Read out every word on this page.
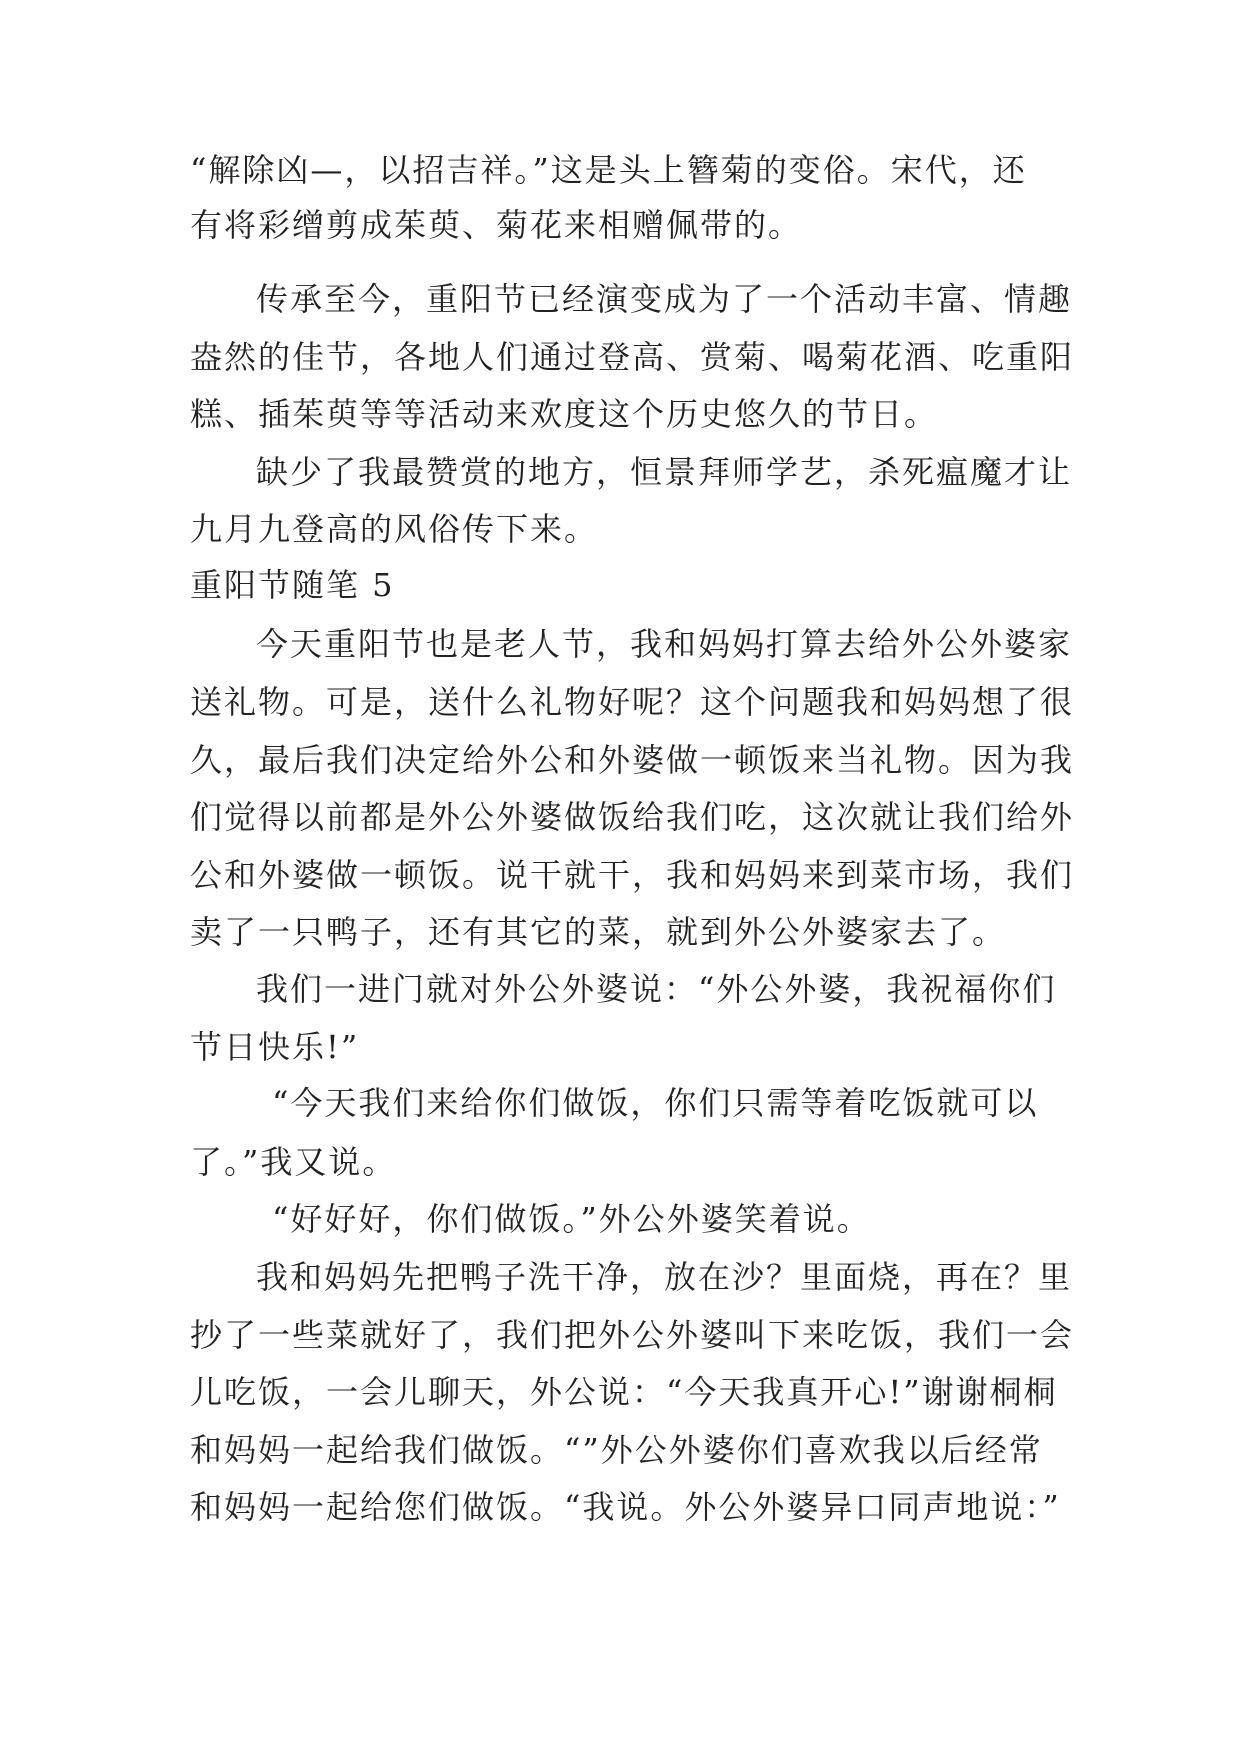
“解除凶—，以招吉祥。”这是头上簪菊的变俗。宋代，还
有将彩缯剪成茱萸、菊花来相赠佩带的。
传承至今，重阳节已经演变成为了一个活动丰富、情趣
盎然的佳节，各地人们通过登高、赏菊、喝菊花酒、吃重阳
糕、插茱萸等等活动来欢度这个历史悠久的节日。
缺少了我最赞赏的地方，恒景拜师学艺，杀死瘟魔才让
九月九登高的风俗传下来。
重阳节随笔 5
今天重阳节也是老人节，我和妈妈打算去给外公外婆家
送礼物。可是，送什么礼物好呢？这个问题我和妈妈想了很
久，最后我们决定给外公和外婆做一顿饭来当礼物。因为我
们觉得以前都是外公外婆做饭给我们吃，这次就让我们给外
公和外婆做一顿饭。说干就干，我和妈妈来到菜市场，我们
卖了一只鸭子，还有其它的菜，就到外公外婆家去了。
我们一进门就对外公外婆说：“外公外婆，我祝福你们
节日快乐!”
“今天我们来给你们做饭，你们只需等着吃饭就可以
了。”我又说。
“好好好，你们做饭。”外公外婆笑着说。
我和妈妈先把鸭子洗干净，放在沙？里面烧，再在？里
抄了一些菜就好了，我们把外公外婆叫下来吃饭，我们一会
儿吃饭，一会儿聊天，外公说：“今天我真开心!”谢谢桐桐
和妈妈一起给我们做饭。“”外公外婆你们喜欢我以后经常
和妈妈一起给您们做饭。“我说。外公外婆异口同声地说：”
